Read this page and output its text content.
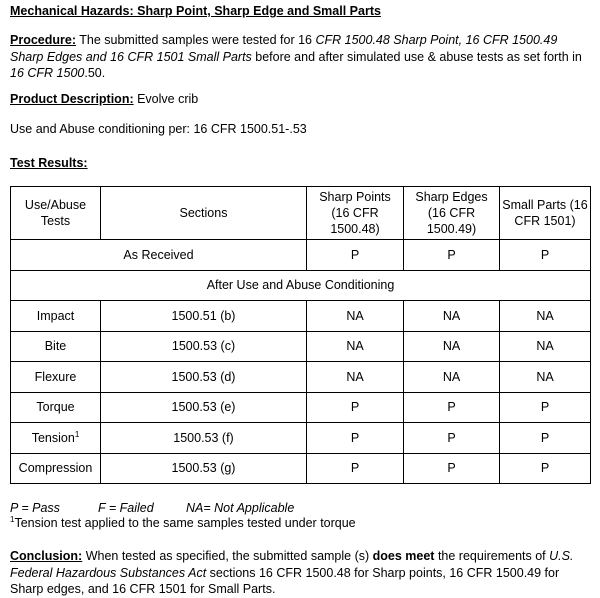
Mechanical Hazards: Sharp Point, Sharp Edge and Small Parts
Procedure: The submitted samples were tested for 16 CFR 1500.48 Sharp Point, 16 CFR 1500.49 Sharp Edges and 16 CFR 1501 Small Parts before and after simulated use & abuse tests as set forth in 16 CFR 1500.50.
Product Description: Evolve crib
Use and Abuse conditioning per: 16 CFR 1500.51-.53
Test Results:
Use/Abuse Tests	Sections	Sharp Points (16 CFR 1500.48)	Sharp Edges (16 CFR 1500.49)	Small Parts (16 CFR 1501)
As Received		P	P	P
After Use and Abuse Conditioning				
Impact	1500.51 (b)	NA	NA	NA
Bite	1500.53 (c)	NA	NA	NA
Flexure	1500.53 (d)	NA	NA	NA
Torque	1500.53 (e)	P	P	P
Tension$^1$	1500.53 (f)	P	P	P
Compression	1500.53 (g)	P	P	P
P = Pass	F = Failed	NA= Not Applicable
$^1$Tension test applied to the same samples tested under torque
Conclusion: When tested as specified, the submitted sample (s) does meet the requirements of U.S. Federal Hazardous Substances Act sections 16 CFR 1500.48 for Sharp points, 16 CFR 1500.49 for Sharp edges, and 16 CFR 1501 for Small Parts.
